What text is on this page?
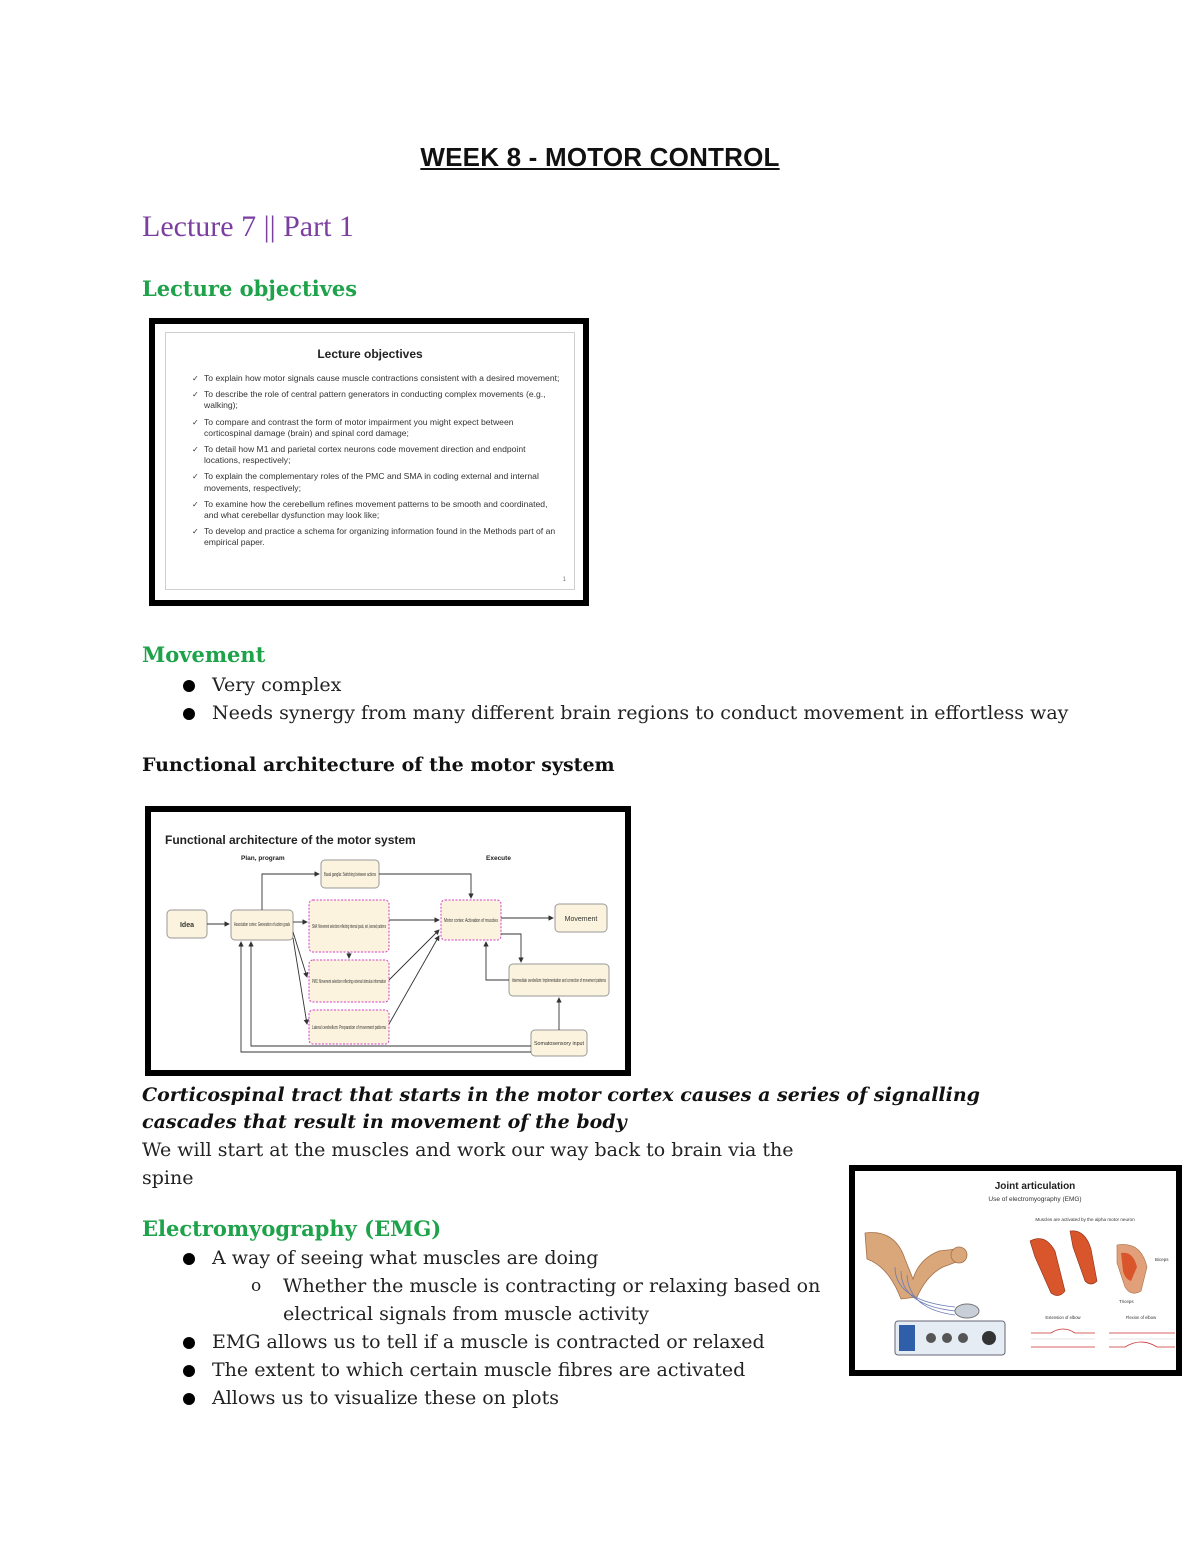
WEEK 8 - MOTOR CONTROL
Lecture 7 || Part 1
Lecture objectives
Lecture objectives
✓ To explain how motor signals cause muscle contractions consistent with a desired movement;
✓ To describe the role of central pattern generators in conducting complex movements (e.g., walking);
✓ To compare and contrast the form of motor impairment you might expect between corticospinal damage (brain) and spinal cord damage;
✓ To detail how M1 and parietal cortex neurons code movement direction and endpoint locations, respectively;
✓ To explain the complementary roles of the PMC and SMA in coding external and internal movements, respectively;
✓ To examine how the cerebellum refines movement patterns to be smooth and coordinated, and what cerebellar dysfunction may look like;
✓ To develop and practice a schema for organizing information found in the Methods part of an empirical paper.
1
Movement
Very complex
Needs synergy from many different brain regions to conduct movement in effortless way
Functional architecture of the motor system
Functional architecture of the motor system
Plan, program	Execute
Idea	Association cortex: Generation of action goals
Basal ganglia: Switching between actions
SMA: Movement selection reflecting internal goals, set, learned patterns
PMC: Movement selection reflecting external stimulus information
Lateral cerebellum: Preparation of movement patterns
Motor cortex: Activation of muscles	Movement
Intermediate cerebellum: Implementation and correction of movement patterns
Somatosensory input
Corticospinal tract that starts in the motor cortex causes a series of signalling cascades that result in movement of the body
We will start at the muscles and work our way back to brain via the spine
Electromyography (EMG)
A way of seeing what muscles are doing
o Whether the muscle is contracting or relaxing based on electrical signals from muscle activity
EMG allows us to tell if a muscle is contracted or relaxed
The extent to which certain muscle fibres are activated
Allows us to visualize these on plots
Joint articulation
Use of electromyography (EMG)
Muscles are activated by the alpha motor neuron
Biceps
Triceps
Extension of elbow	Flexion of elbow
